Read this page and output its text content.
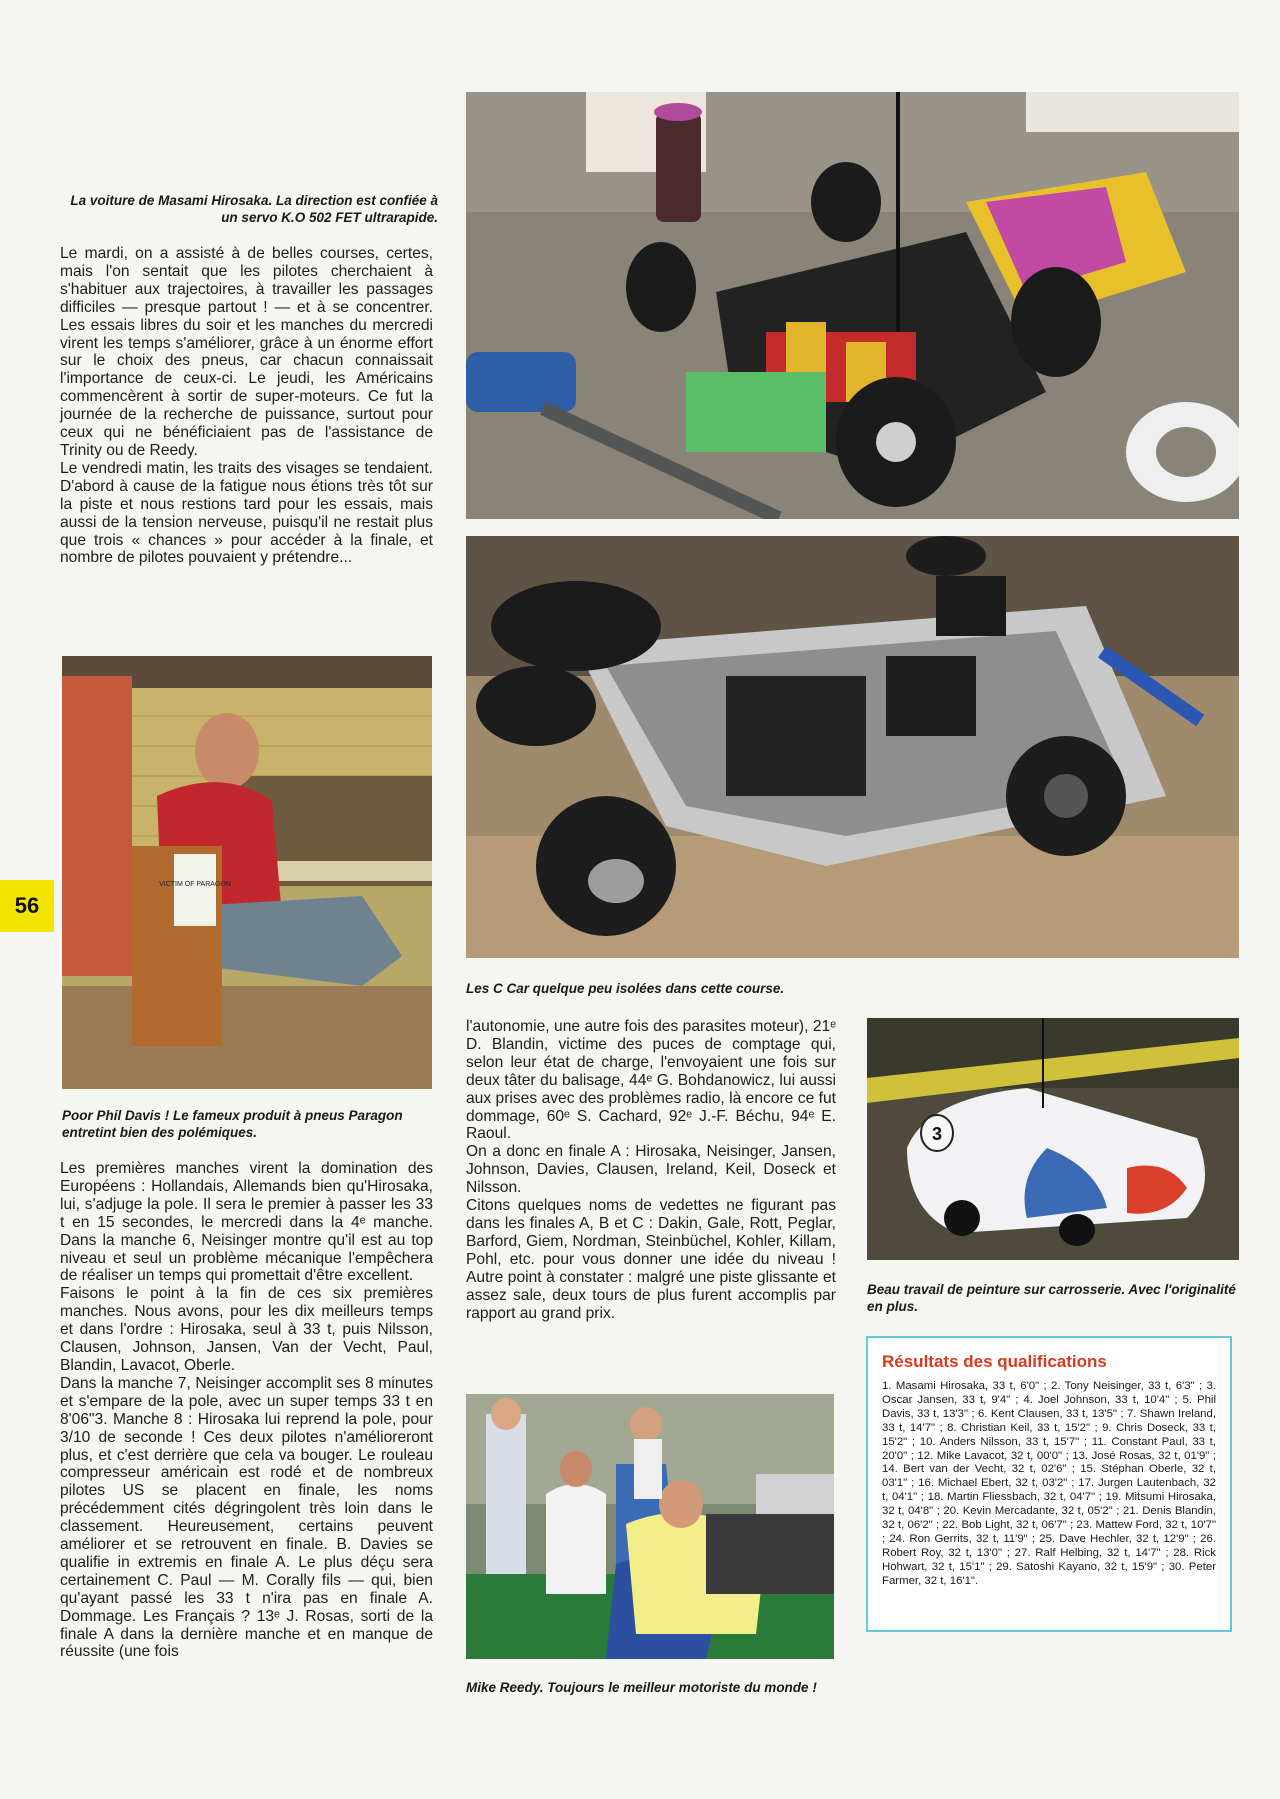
56

La voiture de Masami Hirosaka. La direction est confiée à un servo K.O 502 FET ultrarapide.

Le mardi, on a assisté à de belles courses, certes, mais l'on sentait que les pilotes cherchaient à s'habituer aux trajectoires, à travailler les passages difficiles — presque partout ! — et à se concentrer. Les essais libres du soir et les manches du mercredi virent les temps s'améliorer, grâce à un énorme effort sur le choix des pneus, car chacun connaissait l'importance de ceux-ci. Le jeudi, les Américains commencèrent à sortir de super-moteurs. Ce fut la journée de la recherche de puissance, surtout pour ceux qui ne bénéficiaient pas de l'assistance de Trinity ou de Reedy.

Le vendredi matin, les traits des visages se tendaient. D'abord à cause de la fatigue nous étions très tôt sur la piste et nous restions tard pour les essais, mais aussi de la tension nerveuse, puisqu'il ne restait plus que trois « chances » pour accéder à la finale, et nombre de pilotes pouvaient y prétendre...

Les C Car quelque peu isolées dans cette course.

VICTIM OF PARAGON

Poor Phil Davis ! Le fameux produit à pneus Paragon entretint bien des polémiques.

Les premières manches virent la domination des Européens : Hollandais, Allemands bien qu'Hirosaka, lui, s'adjuge la pole. Il sera le premier à passer les 33 t en 15 secondes, le mercredi dans la 4ᵉ manche. Dans la manche 6, Neisinger montre qu'il est au top niveau et seul un problème mécanique l'empêchera de réaliser un temps qui promettait d'être excellent.

Faisons le point à la fin de ces six premières manches. Nous avons, pour les dix meilleurs temps et dans l'ordre : Hirosaka, seul à 33 t, puis Nilsson, Clausen, Johnson, Jansen, Van der Vecht, Paul, Blandin, Lavacot, Oberle.

Dans la manche 7, Neisinger accomplit ses 8 minutes et s'empare de la pole, avec un super temps 33 t en 8'06"3. Manche 8 : Hirosaka lui reprend la pole, pour 3/10 de seconde ! Ces deux pilotes n'amélioreront plus, et c'est derrière que cela va bouger. Le rouleau compresseur américain est rodé et de nombreux pilotes US se placent en finale, les noms précédemment cités dégringolent très loin dans le classement. Heureusement, certains peuvent améliorer et se retrouvent en finale. B. Davies se qualifie in extremis en finale A. Le plus déçu sera certainement C. Paul — M. Corally fils — qui, bien qu'ayant passé les 33 t n'ira pas en finale A. Dommage. Les Français ? 13ᵉ J. Rosas, sorti de la finale A dans la dernière manche et en manque de réussite (une fois

l'autonomie, une autre fois des parasites moteur), 21ᵉ D. Blandin, victime des puces de comptage qui, selon leur état de charge, l'envoyaient une fois sur deux tâter du balisage, 44ᵉ G. Bohdanowicz, lui aussi aux prises avec des problèmes radio, là encore ce fut dommage, 60ᵉ S. Cachard, 92ᵉ J.-F. Béchu, 94ᵉ E. Raoul.

On a donc en finale A : Hirosaka, Neisinger, Jansen, Johnson, Davies, Clausen, Ireland, Keil, Doseck et Nilsson.

Citons quelques noms de vedettes ne figurant pas dans les finales A, B et C : Dakin, Gale, Rott, Peglar, Barford, Giem, Nordman, Steinbüchel, Kohler, Killam, Pohl, etc. pour vous donner une idée du niveau ! Autre point à constater : malgré une piste glissante et assez sale, deux tours de plus furent accomplis par rapport au grand prix.

3

Beau travail de peinture sur carrosserie. Avec l'originalité en plus.

Résultats des qualifications

1. Masami Hirosaka, 33 t, 6'0" ; 2. Tony Neisinger, 33 t, 6'3" ; 3. Oscar Jansen, 33 t, 9'4" ; 4. Joel Johnson, 33 t, 10'4" ; 5. Phil Davis, 33 t, 13'3" ; 6. Kent Clausen, 33 t, 13'5" ; 7. Shawn Ireland, 33 t, 14'7" ; 8. Christian Keil, 33 t, 15'2" ; 9. Chris Doseck, 33 t, 15'2" ; 10. Anders Nilsson, 33 t, 15'7" ; 11. Constant Paul, 33 t, 20'0" ; 12. Mike Lavacot, 32 t, 00'0" ; 13. José Rosas, 32 t, 01'9" ; 14. Bert van der Vecht, 32 t, 02'6" ; 15. Stéphan Oberle, 32 t, 03'1" ; 16. Michael Ebert, 32 t, 03'2" ; 17. Jurgen Lautenbach, 32 t, 04'1" ; 18. Martin Fliessbach, 32 t, 04'7" ; 19. Mitsumi Hirosaka, 32 t, 04'8" ; 20. Kevin Mercadante, 32 t, 05'2" ; 21. Denis Blandin, 32 t, 06'2" ; 22. Bob Light, 32 t, 06'7" ; 23. Mattew Ford, 32 t, 10'7" ; 24. Ron Gerrits, 32 t, 11'9" ; 25. Dave Hechler, 32 t, 12'9" ; 26. Robert Roy, 32 t, 13'0" ; 27. Ralf Helbing, 32 t, 14'7" ; 28. Rick Hohwart, 32 t, 15'1" ; 29. Satoshi Kayano, 32 t, 15'9" ; 30. Peter Farmer, 32 t, 16'1".

Mike Reedy. Toujours le meilleur motoriste du monde !
